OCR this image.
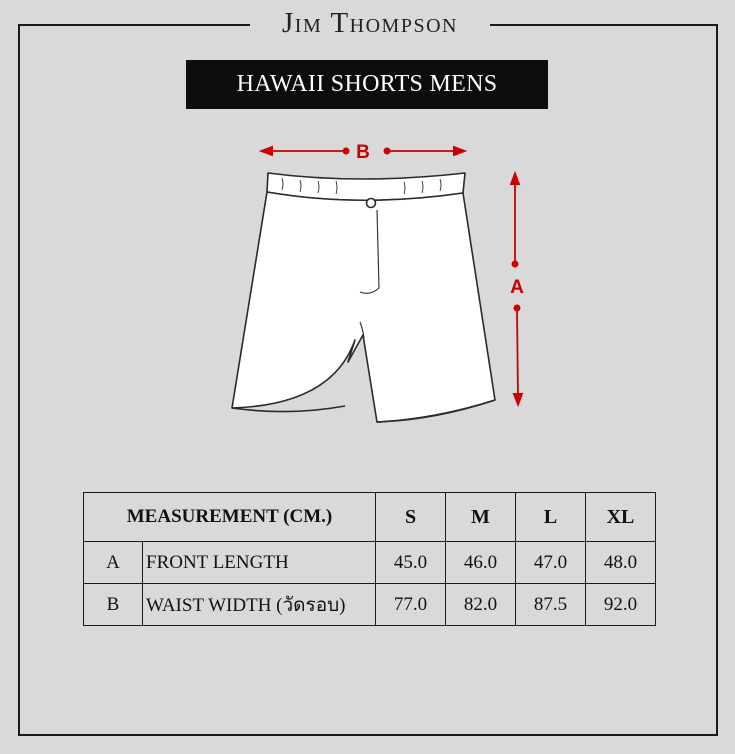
Jim Thompson
HAWAII SHORTS MENS
B
A
MEASUREMENT (CM.)		S	M	L	XL
A	FRONT LENGTH	45.0	46.0	47.0	48.0
B	WAIST WIDTH (วัดรอบ)	77.0	82.0	87.5	92.0
